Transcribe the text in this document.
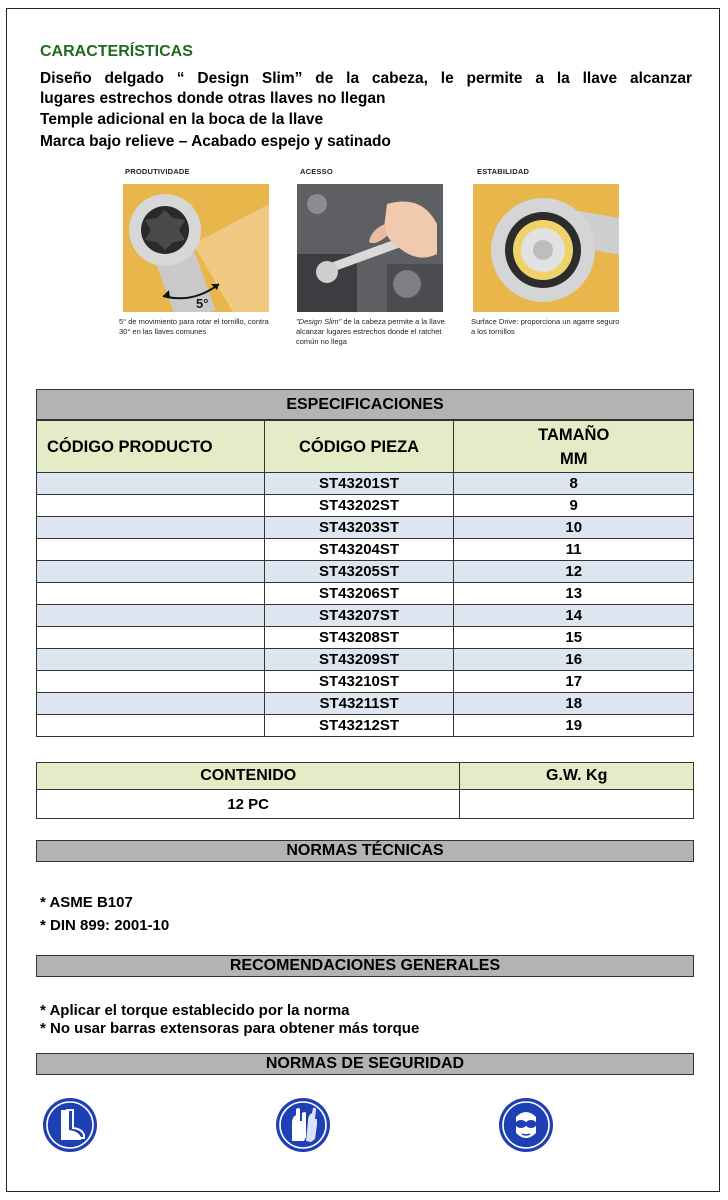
CARACTERÍSTICAS
Diseño delgado “ Design Slim” de la cabeza, le permite a la llave alcanzar
lugares estrechos donde otras llaves no llegan
Temple adicional en la boca de la llave
Marca bajo relieve – Acabado espejo y satinado
PRODUTIVIDADE
5°
5° de movimiento para rotar el tornillo, contra 30° en las llaves comunes
ACESSO
"Design Slim" de la cabeza permite a la llave alcanzar lugares estrechos donde el ratchet común no llega
ESTABILIDAD
Surface Drive: proporciona un agarre seguro a los tornillos
ESPECIFICACIONES
CÓDIGO PRODUCTO	CÓDIGO PIEZA	TAMAÑO
MM
	ST43201ST	8
	ST43202ST	9
	ST43203ST	10
	ST43204ST	11
	ST43205ST	12
	ST43206ST	13
	ST43207ST	14
	ST43208ST	15
	ST43209ST	16
	ST43210ST	17
	ST43211ST	18
	ST43212ST	19
CONTENIDO	G.W. Kg
12 PC	
NORMAS TÉCNICAS
* ASME B107
* DIN 899: 2001-10
RECOMENDACIONES GENERALES
* Aplicar el torque establecido por la norma
* No usar barras extensoras para obtener más torque
NORMAS DE SEGURIDAD
